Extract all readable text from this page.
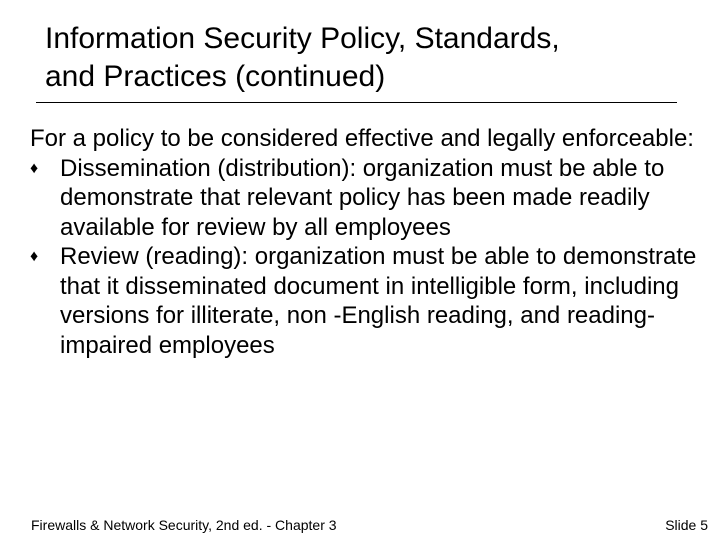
Information Security Policy, Standards,
and Practices (continued)

For a policy to be considered effective and legally enforceable:

♦ Dissemination (distribution): organization must be able to demonstrate that relevant policy has been made readily available for review by all employees
♦ Review (reading): organization must be able to demonstrate that it disseminated document in intelligible form, including versions for illiterate, non -English reading, and reading-impaired employees
Firewalls & Network Security, 2nd ed. - Chapter 3	Slide 5
